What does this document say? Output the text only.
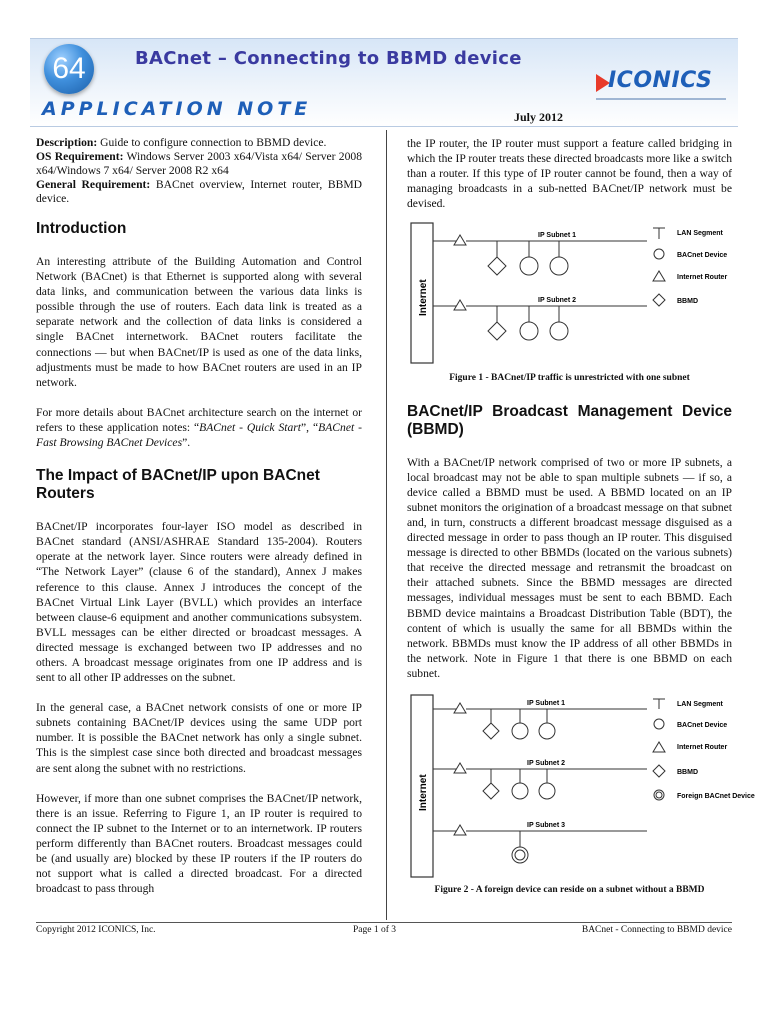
64	BACnet – Connecting to BBMD device
APPLICATION NOTE
ICONICS
July 2012
Description: Guide to configure connection to BBMD device.
OS Requirement: Windows Server 2003 x64/Vista x64/ Server 2008 x64/Windows 7 x64/ Server 2008 R2 x64
General Requirement: BACnet overview, Internet router, BBMD device.
Introduction

An interesting attribute of the Building Automation and Control Network (BACnet) is that Ethernet is supported along with several data links, and communication between the various data links is possible through the use of routers. Each data link is treated as a separate network and the collection of data links is considered a single BACnet internetwork. BACnet routers facilitate the connections — but when BACnet/IP is used as one of the data links, adjustments must be made to how BACnet routers are used in an IP network.

For more details about BACnet architecture search on the internet or refers to these application notes: “BACnet - Quick Start”, “BACnet - Fast Browsing BACnet Devices”.

The Impact of BACnet/IP upon BACnet Routers

BACnet/IP incorporates four-layer ISO model as described in BACnet standard (ANSI/ASHRAE Standard 135-2004). Routers operate at the network layer. Since routers were already defined in “The Network Layer” (clause 6 of the standard), Annex J makes reference to this clause. Annex J introduces the concept of the BACnet Virtual Link Layer (BVLL) which provides an interface between clause-6 equipment and another communications subsystem. BVLL messages can be either directed or broadcast messages. A directed message is exchanged between two IP addresses and no others. A broadcast message originates from one IP address and is sent to all other IP addresses on the subnet.

In the general case, a BACnet network consists of one or more IP subnets containing BACnet/IP devices using the same UDP port number. It is possible the BACnet network has only a single subnet. This is the simplest case since both directed and broadcast messages are sent along the subnet with no restrictions.

However, if more than one subnet comprises the BACnet/IP network, there is an issue. Referring to Figure 1, an IP router is required to connect the IP subnet to the Internet or to an internetwork. IP routers perform differently than BACnet routers. Broadcast messages could be (and usually are) blocked by these IP routers if the IP routers do not support what is called a directed broadcast. For a directed broadcast to pass through

the IP router, the IP router must support a feature called bridging in which the IP router treats these directed broadcasts more like a switch than a router. If this type of IP router cannot be found, then a way of managing broadcasts in a sub-netted BACnet/IP network must be devised.

Internet
IP Subnet 1
IP Subnet 2
LAN Segment
BACnet Device
Internet Router
BBMD
Figure 1 - BACnet/IP traffic is unrestricted with one subnet
BACnet/IP Broadcast Management Device (BBMD)

With a BACnet/IP network comprised of two or more IP subnets, a local broadcast may not be able to span multiple subnets — if so, a device called a BBMD must be used. A BBMD located on an IP subnet monitors the origination of a broadcast message on that subnet and, in turn, constructs a different broadcast message disguised as a directed message in order to pass though an IP router. This disguised message is directed to other BBMDs (located on the various subnets) that receive the directed message and retransmit the broadcast on their attached subnets. Since the BBMD messages are directed messages, individual messages must be sent to each BBMD. Each BBMD device maintains a Broadcast Distribution Table (BDT), the content of which is usually the same for all BBMDs within the network. BBMDs must know the IP address of all other BBMDs in the network. Note in Figure 1 that there is one BBMD on each subnet.

Internet
IP Subnet 1
IP Subnet 2
IP Subnet 3
LAN Segment
BACnet Device
Internet Router
BBMD
Foreign BACnet Device
Figure 2 - A foreign device can reside on a subnet without a BBMD
Copyright 2012 ICONICS, Inc.	Page 1 of 3	BACnet - Connecting to BBMD device
